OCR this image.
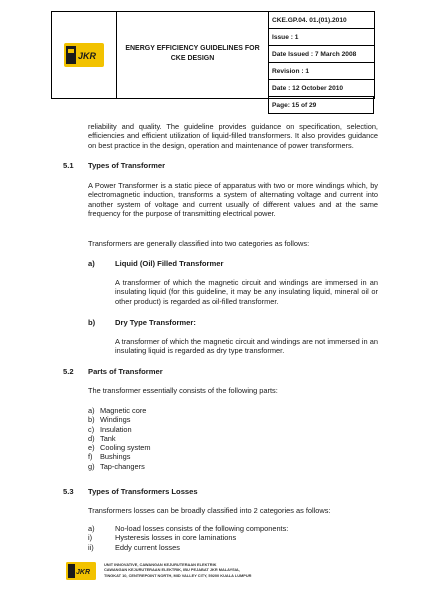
JKR
ENERGY EFFICIENCY GUIDELINES FOR CKE DESIGN
CKE.GP.04. 01.(01).2010
Issue : 1
Date Issued : 7 March 2008
Revision : 1
Date : 12 October 2010
Page: 15 of 29
reliability and quality. The guideline provides guidance on specification, selection, efficiencies and efficient utilization of liquid-filled transformers. It also provides guidance on best practice in the design, operation and maintenance of power transformers.
5.1 Types of Transformer
A Power Transformer is a static piece of apparatus with two or more windings which, by electromagnetic induction, transforms a system of alternating voltage and current into another system of voltage and current usually of different values and at the same frequency for the purpose of transmitting electrical power.
Transformers are generally classified into two categories as follows:
a)	Liquid (Oil) Filled Transformer
A transformer of which the magnetic circuit and windings are immersed in an insulating liquid (for this guideline, it may be any insulating liquid, mineral oil or other product) is regarded as oil-filled transformer.
b)	Dry Type Transformer:
A transformer of which the magnetic circuit and windings are not immersed in an insulating liquid is regarded as dry type transformer.
5.2 Parts of Transformer
The transformer essentially consists of the following parts:
a) Magnetic core
b) Windings
c) Insulation
d) Tank
e) Cooling system
f) Bushings
g) Tap-changers
5.3 Types of Transformers Losses
Transformers losses can be broadly classified into 2 categories as follows:
a)	No-load losses consists of the following components:
i)	Hysteresis losses in core laminations
ii)	Eddy current losses
JKR
UNIT INNOVATIVE, CAWANGAN KEJURUTERAAN ELEKTRIK
CAWANGAN KEJURUTERAAN ELEKTRIK, IBU PEJABAT JKR MALAYSIA,
TINGKAT 10, CENTREPOINT NORTH, MID VALLEY CITY, 59200 KUALA LUMPUR
